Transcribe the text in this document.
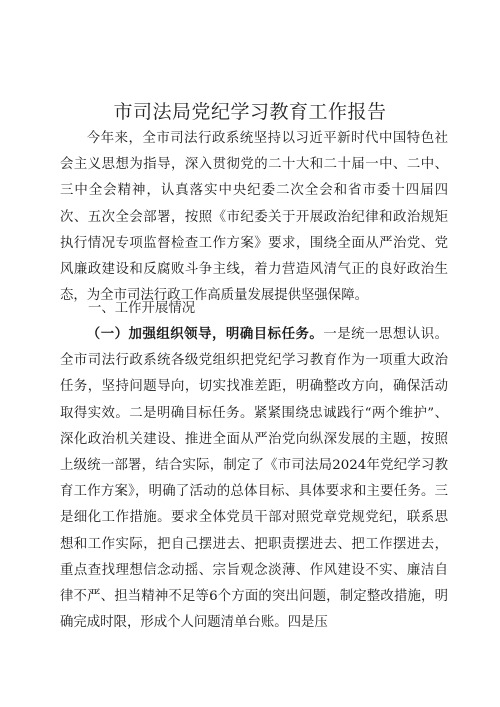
市司法局党纪学习教育工作报告

今年来，全市司法行政系统坚持以习近平新时代中国特色社会主义思想为指导，深入贯彻党的二十大和二十届一中、二中、三中全会精神，认真落实中央纪委二次全会和省市委十四届四次、五次全会部署，按照《市纪委关于开展政治纪律和政治规矩执行情况专项监督检查工作方案》要求，围绕全面从严治党、党风廉政建设和反腐败斗争主线，着力营造风清气正的良好政治生态，为全市司法行政工作高质量发展提供坚强保障。

一、工作开展情况

（一）加强组织领导，明确目标任务。一是统一思想认识。全市司法行政系统各级党组织把党纪学习教育作为一项重大政治任务，坚持问题导向，切实找准差距，明确整改方向，确保活动取得实效。二是明确目标任务。紧紧围绕忠诚践行“两个维护”、深化政治机关建设、推进全面从严治党向纵深发展的主题，按照上级统一部署，结合实际，制定了《市司法局2024年党纪学习教育工作方案》，明确了活动的总体目标、具体要求和主要任务。三是细化工作措施。要求全体党员干部对照党章党规党纪，联系思想和工作实际，把自己摆进去、把职责摆进去、把工作摆进去，重点查找理想信念动摇、宗旨观念淡薄、作风建设不实、廉洁自律不严、担当精神不足等6个方面的突出问题，制定整改措施，明确完成时限，形成个人问题清单台账。四是压
